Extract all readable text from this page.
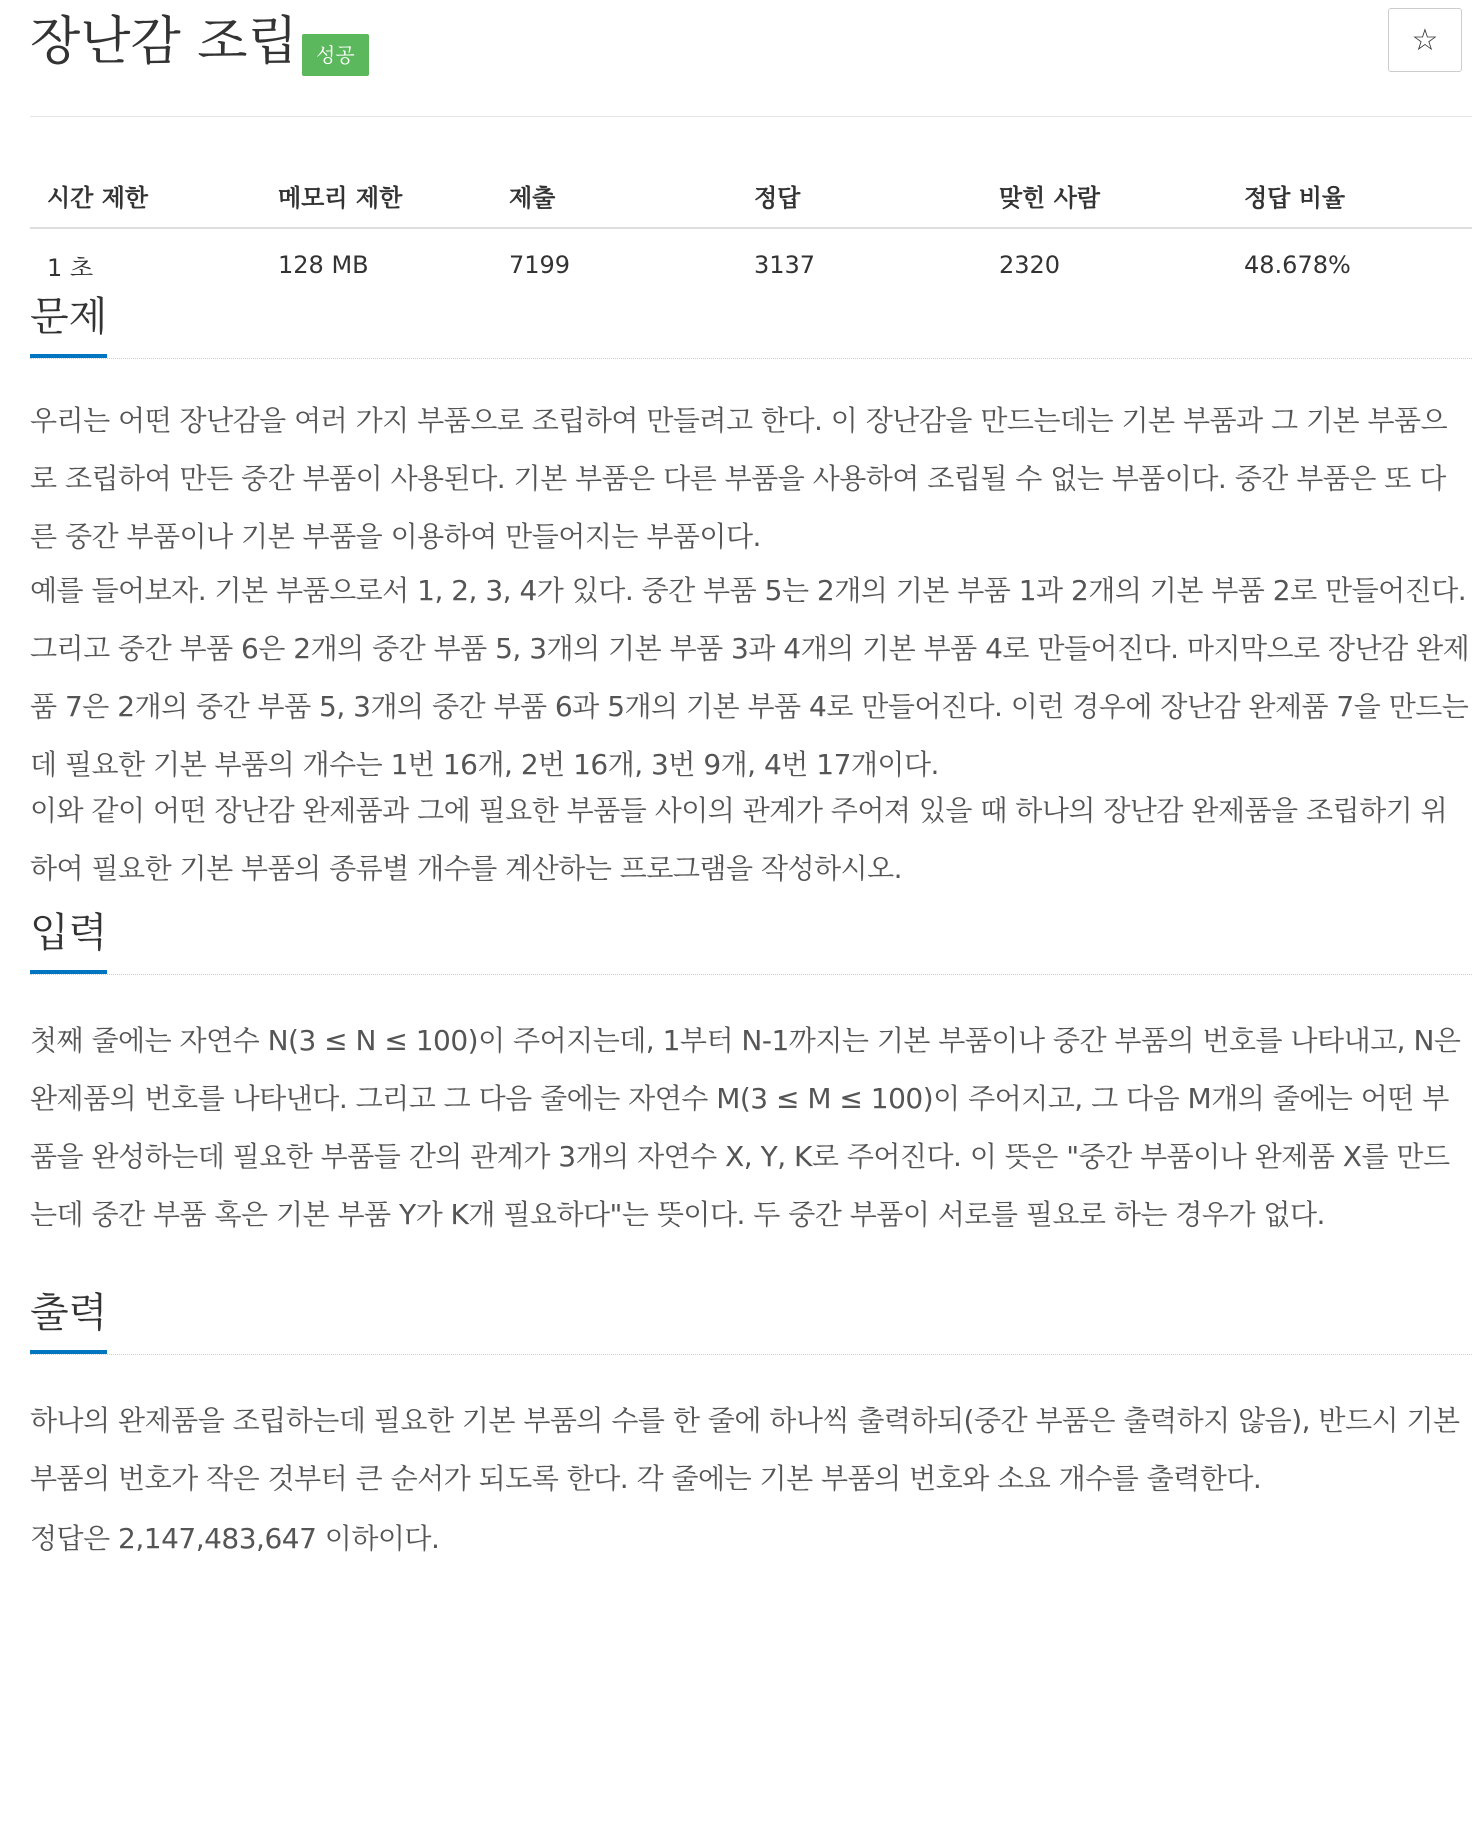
장난감 조립 성공	☆
시간 제한	메모리 제한	제출	정답	맞힌 사람	정답 비율
1 초	128 MB	7199	3137	2320	48.678%
문제

우리는 어떤 장난감을 여러 가지 부품으로 조립하여 만들려고 한다. 이 장난감을 만드는데는 기본 부품과 그 기본 부품으로 조립하여 만든 중간 부품이 사용된다. 기본 부품은 다른 부품을 사용하여 조립될 수 없는 부품이다. 중간 부품은 또 다른 중간 부품이나 기본 부품을 이용하여 만들어지는 부품이다.

예를 들어보자. 기본 부품으로서 1, 2, 3, 4가 있다. 중간 부품 5는 2개의 기본 부품 1과 2개의 기본 부품 2로 만들어진다. 그리고 중간 부품 6은 2개의 중간 부품 5, 3개의 기본 부품 3과 4개의 기본 부품 4로 만들어진다. 마지막으로 장난감 완제품 7은 2개의 중간 부품 5, 3개의 중간 부품 6과 5개의 기본 부품 4로 만들어진다. 이런 경우에 장난감 완제품 7을 만드는데 필요한 기본 부품의 개수는 1번 16개, 2번 16개, 3번 9개, 4번 17개이다.

이와 같이 어떤 장난감 완제품과 그에 필요한 부품들 사이의 관계가 주어져 있을 때 하나의 장난감 완제품을 조립하기 위하여 필요한 기본 부품의 종류별 개수를 계산하는 프로그램을 작성하시오.

입력

첫째 줄에는 자연수 N(3 ≤ N ≤ 100)이 주어지는데, 1부터 N-1까지는 기본 부품이나 중간 부품의 번호를 나타내고, N은 완제품의 번호를 나타낸다. 그리고 그 다음 줄에는 자연수 M(3 ≤ M ≤ 100)이 주어지고, 그 다음 M개의 줄에는 어떤 부품을 완성하는데 필요한 부품들 간의 관계가 3개의 자연수 X, Y, K로 주어진다. 이 뜻은 "중간 부품이나 완제품 X를 만드는데 중간 부품 혹은 기본 부품 Y가 K개 필요하다"는 뜻이다. 두 중간 부품이 서로를 필요로 하는 경우가 없다.

출력

하나의 완제품을 조립하는데 필요한 기본 부품의 수를 한 줄에 하나씩 출력하되(중간 부품은 출력하지 않음), 반드시 기본 부품의 번호가 작은 것부터 큰 순서가 되도록 한다. 각 줄에는 기본 부품의 번호와 소요 개수를 출력한다.

정답은 2,147,483,647 이하이다.
